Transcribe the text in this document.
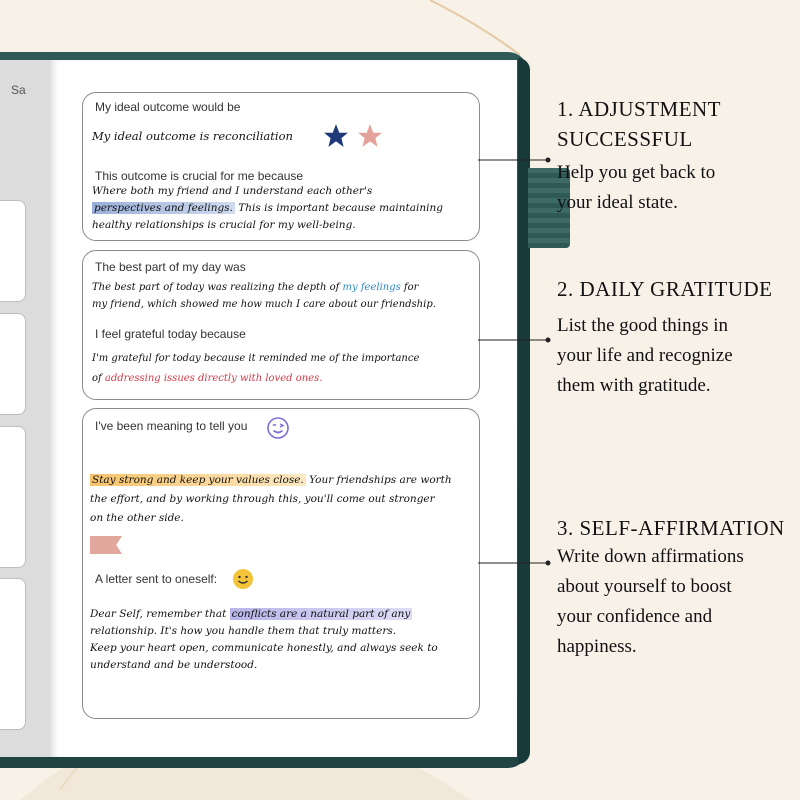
Sa
My ideal outcome would be
My ideal outcome is reconciliation
This outcome is crucial for me because
Where both my friend and I understand each other's
perspectives and feelings. This is important because maintaining
healthy relationships is crucial for my well-being.
The best part of my day was
The best part of today was realizing the depth of my feelings for
my friend, which showed me how much I care about our friendship.
I feel grateful today because
I'm grateful for today because it reminded me of the importance
of addressing issues directly with loved ones.
I've been meaning to tell you
Stay strong and keep your values close. Your friendships are worth
the effort, and by working through this, you'll come out stronger
on the other side.
A letter sent to oneself:
Dear Self, remember that conflicts are a natural part of any
relationship. It's how you handle them that truly matters.
Keep your heart open, communicate honestly, and always seek to
understand and be understood.
1. ADJUSTMENT
SUCCESSFUL
Help you get back to
your ideal state.
2. DAILY GRATITUDE
List the good things in
your life and recognize
them with gratitude.
3. SELF-AFFIRMATION
Write down affirmations
about yourself to boost
your confidence and
happiness.
